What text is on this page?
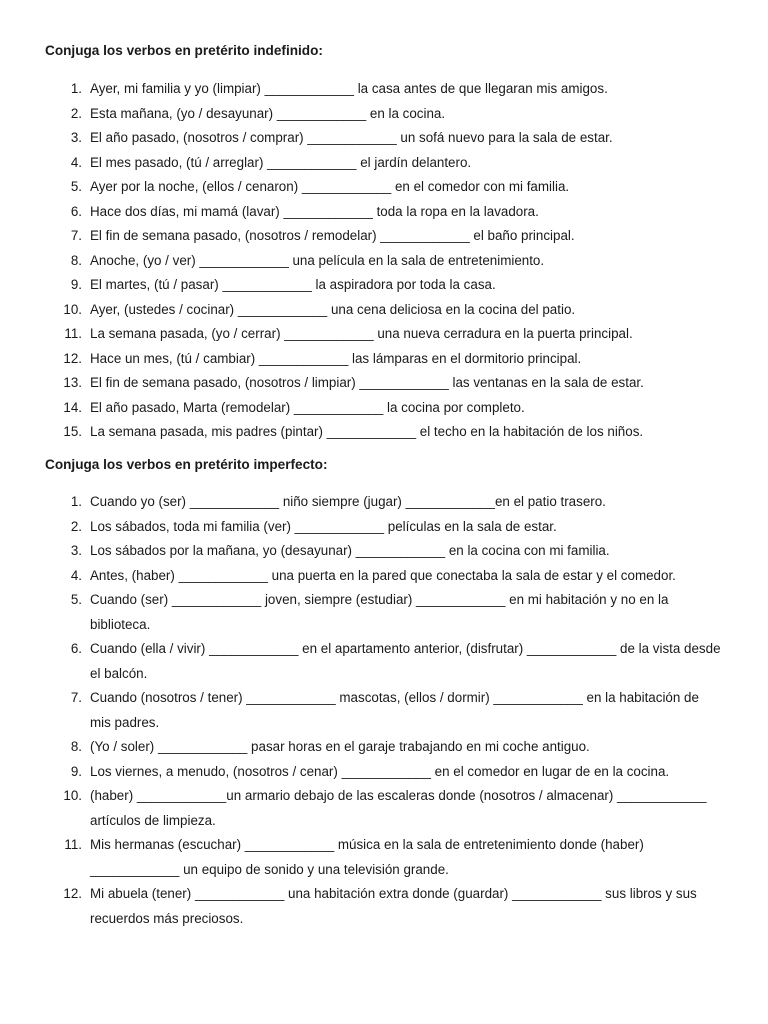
Conjuga los verbos en pretérito indefinido:
1. Ayer, mi familia y yo (limpiar) ____________ la casa antes de que llegaran mis amigos.
2. Esta mañana, (yo / desayunar) ____________ en la cocina.
3. El año pasado, (nosotros / comprar) ____________ un sofá nuevo para la sala de estar.
4. El mes pasado, (tú / arreglar) ____________ el jardín delantero.
5. Ayer por la noche, (ellos / cenaron) ____________ en el comedor con mi familia.
6. Hace dos días, mi mamá (lavar) ____________ toda la ropa en la lavadora.
7. El fin de semana pasado, (nosotros / remodelar) ____________ el baño principal.
8. Anoche, (yo / ver) ____________ una película en la sala de entretenimiento.
9. El martes, (tú / pasar) ____________ la aspiradora por toda la casa.
10. Ayer, (ustedes / cocinar) ____________ una cena deliciosa en la cocina del patio.
11. La semana pasada, (yo / cerrar) ____________ una nueva cerradura en la puerta principal.
12. Hace un mes, (tú / cambiar) ____________ las lámparas en el dormitorio principal.
13. El fin de semana pasado, (nosotros / limpiar) ____________ las ventanas en la sala de estar.
14. El año pasado, Marta (remodelar) ____________ la cocina por completo.
15. La semana pasada, mis padres (pintar) ____________ el techo en la habitación de los niños.
Conjuga los verbos en pretérito imperfecto:
1. Cuando yo (ser) ____________ niño siempre (jugar) ____________en el patio trasero.
2. Los sábados, toda mi familia (ver) ____________ películas en la sala de estar.
3. Los sábados por la mañana, yo (desayunar) ____________ en la cocina con mi familia.
4. Antes, (haber) ____________ una puerta en la pared que conectaba la sala de estar y el comedor.
5. Cuando (ser) ____________ joven, siempre (estudiar) ____________ en mi habitación y no en la biblioteca.
6. Cuando (ella / vivir) ____________ en el apartamento anterior, (disfrutar) ____________ de la vista desde el balcón.
7. Cuando (nosotros / tener) ____________ mascotas, (ellos / dormir) ____________ en la habitación de mis padres.
8. (Yo / soler) ____________ pasar horas en el garaje trabajando en mi coche antiguo.
9. Los viernes, a menudo, (nosotros / cenar) ____________ en el comedor en lugar de en la cocina.
10. (haber) ____________un armario debajo de las escaleras donde (nosotros / almacenar) ____________ artículos de limpieza.
11. Mis hermanas (escuchar) ____________ música en la sala de entretenimiento donde (haber) ____________ un equipo de sonido y una televisión grande.
12. Mi abuela (tener) ____________ una habitación extra donde (guardar) ____________ sus libros y sus recuerdos más preciosos.
